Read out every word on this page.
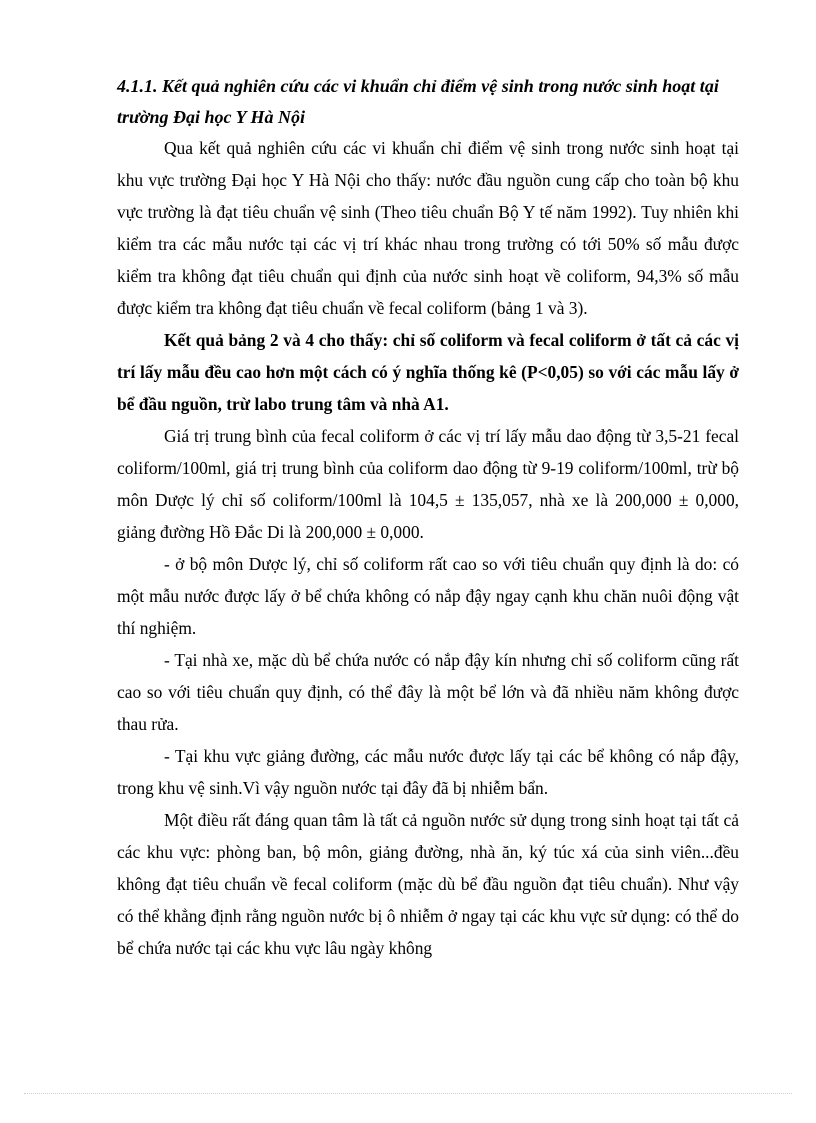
4.1.1. Kết quả nghiên cứu các vi khuẩn chỉ điểm vệ sinh trong nước sinh hoạt tại trường Đại học Y Hà Nội

Qua kết quả nghiên cứu các vi khuẩn chỉ điểm vệ sinh trong nước sinh hoạt tại khu vực trường Đại học Y Hà Nội cho thấy: nước đầu nguồn cung cấp cho toàn bộ khu vực trường là đạt tiêu chuẩn vệ sinh (Theo tiêu chuẩn Bộ Y tế năm 1992). Tuy nhiên khi kiểm tra các mẫu nước tại các vị trí khác nhau trong trường có tới 50% số mẫu được kiểm tra không đạt tiêu chuẩn qui định của nước sinh hoạt về coliform, 94,3% số mẫu được kiểm tra không đạt tiêu chuẩn về fecal coliform (bảng 1 và 3).

Kết quả bảng 2 và 4 cho thấy: chỉ số coliform và fecal coliform ở tất cả các vị trí lấy mẫu đều cao hơn một cách có ý nghĩa thống kê (P<0,05) so với các mẫu lấy ở bể đầu nguồn, trừ labo trung tâm và nhà A1.

Giá trị trung bình của fecal coliform ở các vị trí lấy mẫu dao động từ 3,5-21 fecal coliform/100ml, giá trị trung bình của coliform dao động từ 9-19 coliform/100ml, trừ bộ môn Dược lý chỉ số coliform/100ml là 104,5 ± 135,057, nhà xe là 200,000 ± 0,000, giảng đường Hồ Đắc Di là 200,000 ± 0,000.

- ở bộ môn Dược lý, chỉ số coliform rất cao so với tiêu chuẩn quy định là do: có một mẫu nước được lấy ở bể chứa không có nắp đậy ngay cạnh khu chăn nuôi động vật thí nghiệm.

- Tại nhà xe, mặc dù bể chứa nước có nắp đậy kín nhưng chỉ số coliform cũng rất cao so với tiêu chuẩn quy định, có thể đây là một bể lớn và đã nhiều năm không được thau rửa.

- Tại khu vực giảng đường, các mẫu nước được lấy tại các bể không có nắp đậy, trong khu vệ sinh.Vì vậy nguồn nước tại đây đã bị nhiễm bẩn.

Một điều rất đáng quan tâm là tất cả nguồn nước sử dụng trong sinh hoạt tại tất cả các khu vực: phòng ban, bộ môn, giảng đường, nhà ăn, ký túc xá của sinh viên...đều không đạt tiêu chuẩn về fecal coliform (mặc dù bể đầu nguồn đạt tiêu chuẩn). Như vậy có thể khẳng định rằng nguồn nước bị ô nhiễm ở ngay tại các khu vực sử dụng: có thể do bể chứa nước tại các khu vực lâu ngày không
